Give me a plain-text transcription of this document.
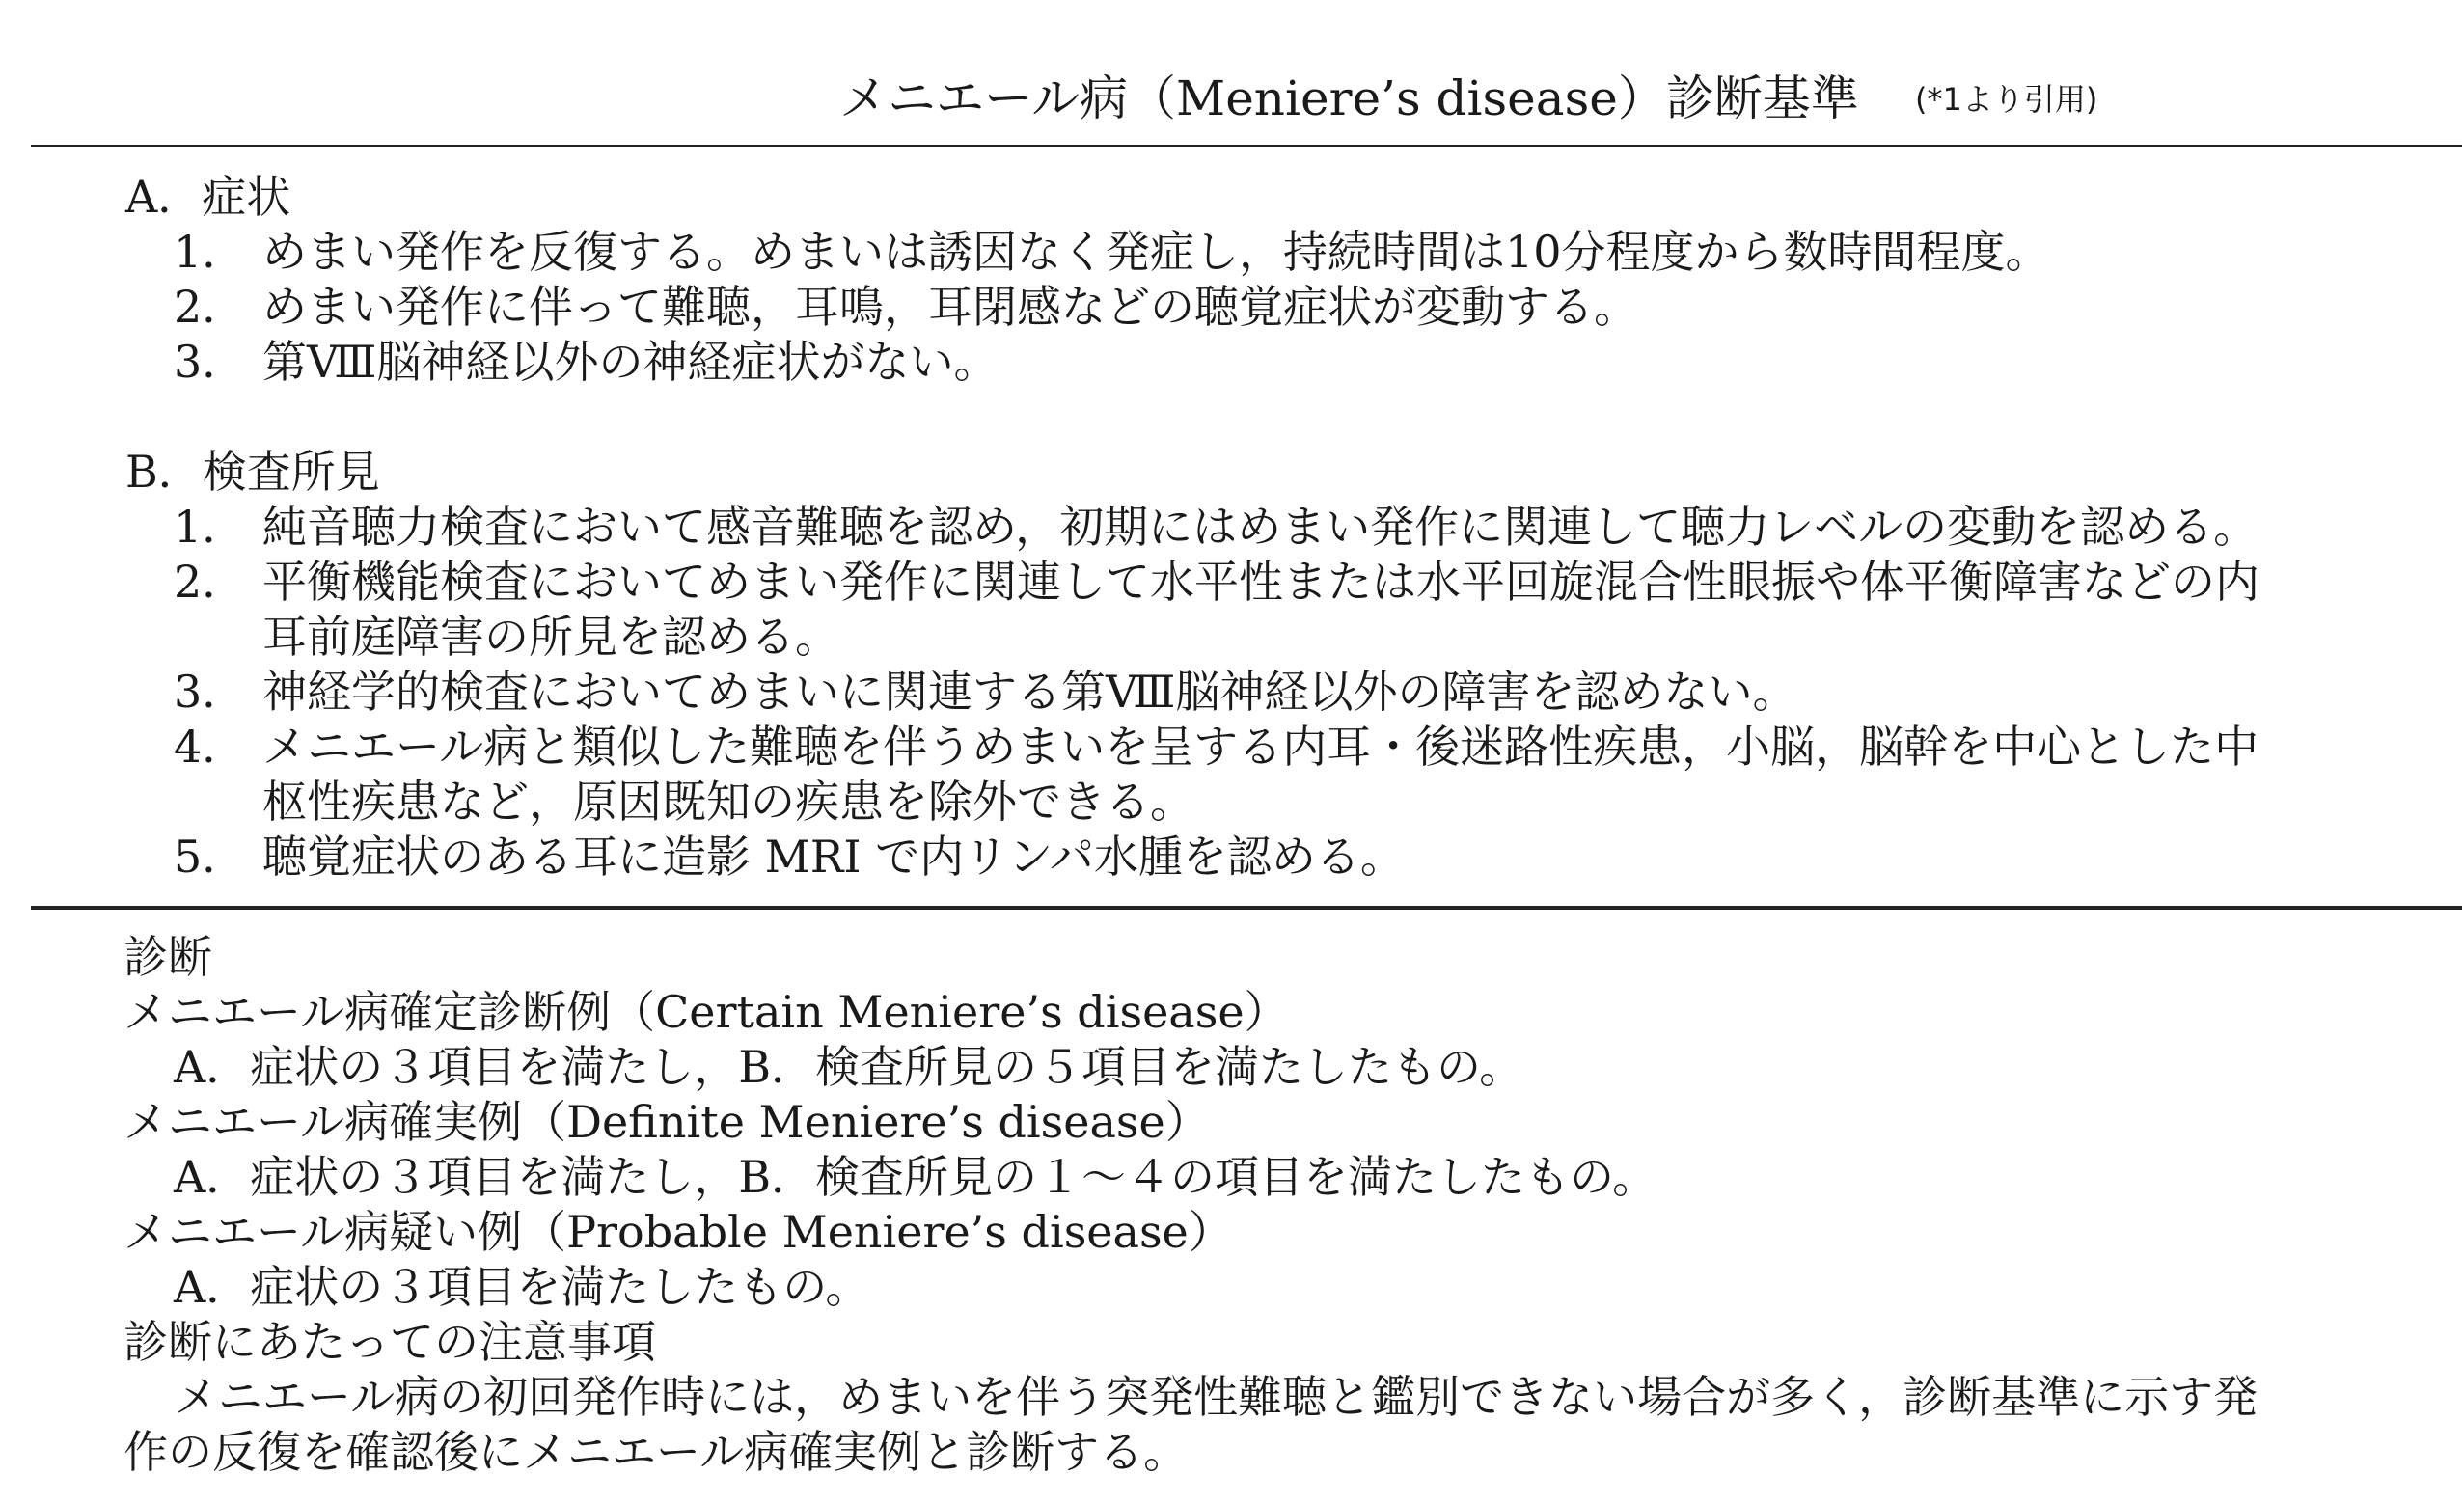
メニエール病（Meniere’s disease）診断基準 (*1より引用)
A．症状
1． めまい発作を反復する。めまいは誘因なく発症し，持続時間は10分程度から数時間程度。
2． めまい発作に伴って難聴，耳鳴，耳閉感などの聴覚症状が変動する。
3． 第Ⅷ脳神経以外の神経症状がない。
B．検査所見
1． 純音聴力検査において感音難聴を認め，初期にはめまい発作に関連して聴力レベルの変動を認める。
2． 平衡機能検査においてめまい発作に関連して水平性または水平回旋混合性眼振や体平衡障害などの内
耳前庭障害の所見を認める。
3． 神経学的検査においてめまいに関連する第Ⅷ脳神経以外の障害を認めない。
4． メニエール病と類似した難聴を伴うめまいを呈する内耳・後迷路性疾患，小脳，脳幹を中心とした中
枢性疾患など，原因既知の疾患を除外できる。
5． 聴覚症状のある耳に造影 MRI で内リンパ水腫を認める。
診断
メニエール病確定診断例（Certain Meniere’s disease）
A．症状の３項目を満たし，B．検査所見の５項目を満たしたもの。
メニエール病確実例（Definite Meniere’s disease）
A．症状の３項目を満たし，B．検査所見の１～４の項目を満たしたもの。
メニエール病疑い例（Probable Meniere’s disease）
A．症状の３項目を満たしたもの。
診断にあたっての注意事項
メニエール病の初回発作時には，めまいを伴う突発性難聴と鑑別できない場合が多く，診断基準に示す発
作の反復を確認後にメニエール病確実例と診断する。
